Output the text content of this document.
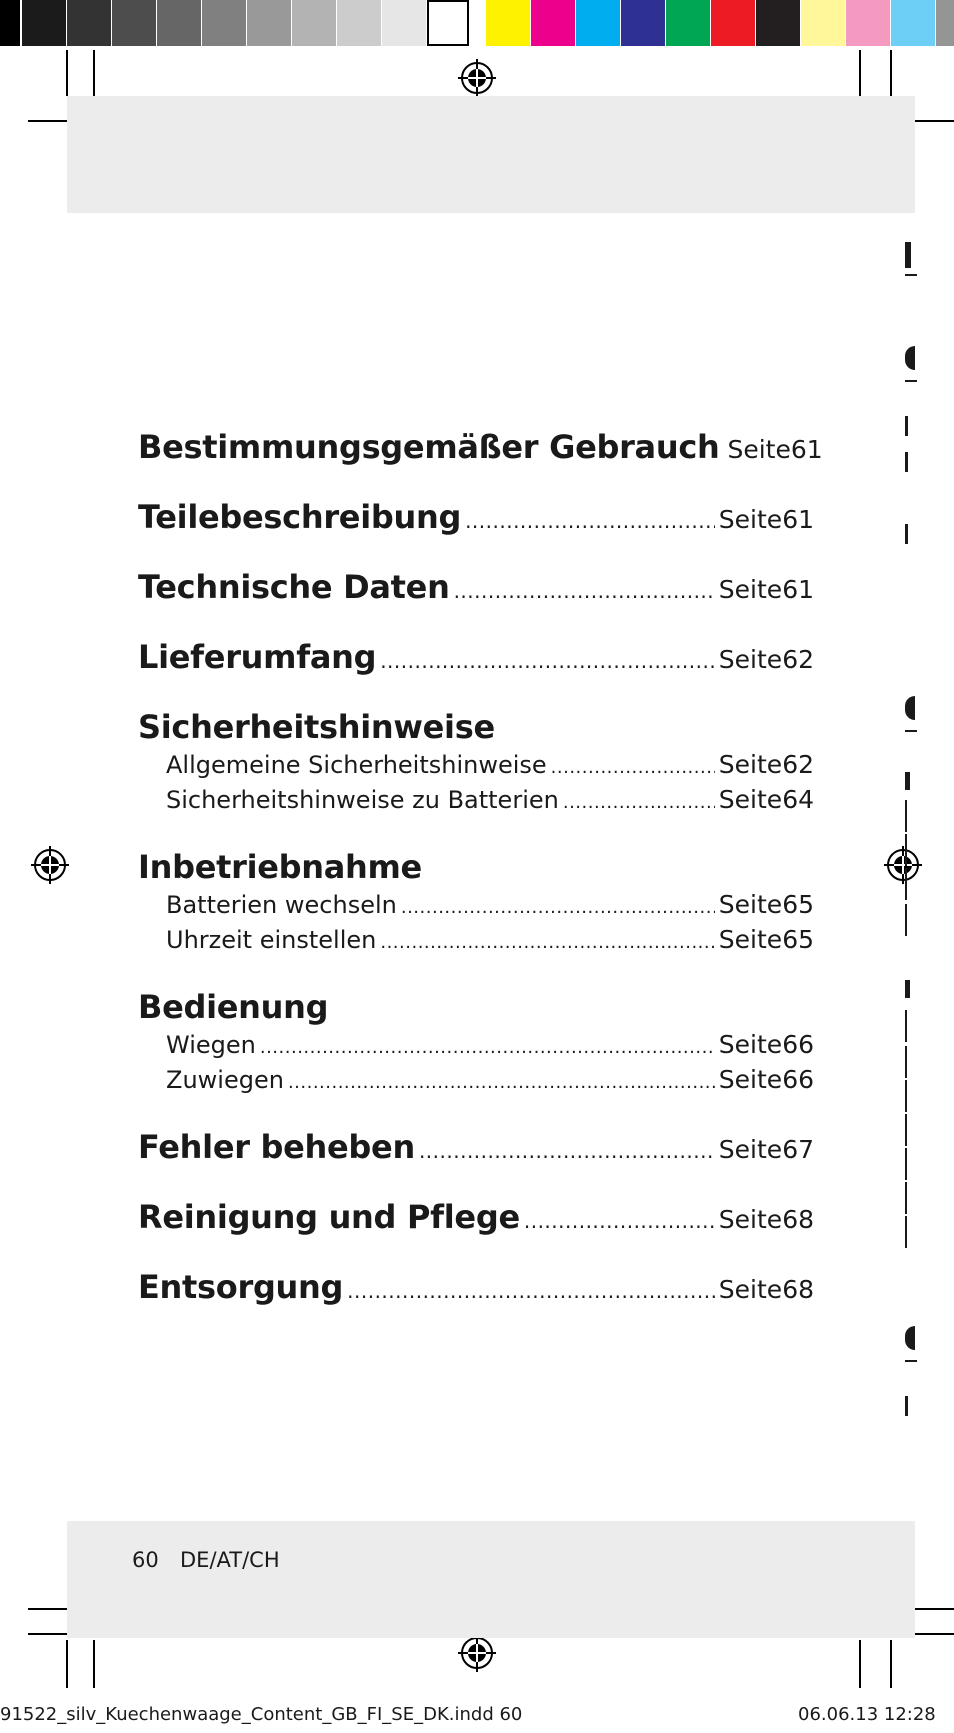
Bestimmungsgemäßer Gebrauch Seite 61
Teilebeschreibung .....	Seite 61
Technische Daten .....	Seite 61
Lieferumfang .....	Seite 62
Sicherheitshinweise
Allgemeine Sicherheitshinweise .....	Seite 62
Sicherheitshinweise zu Batterien .....	Seite 64
Inbetriebnahme
Batterien wechseln .....	Seite 65
Uhrzeit einstellen .....	Seite 65
Bedienung
Wiegen .....	Seite 66
Zuwiegen .....	Seite 66
Fehler beheben .....	Seite 67
Reinigung und Pflege .....	Seite 68
Entsorgung .....	Seite 68
60 DE/AT/CH
91522_silv_Kuechenwaage_Content_GB_FI_SE_DK.indd 60	06.06.13 12:28
